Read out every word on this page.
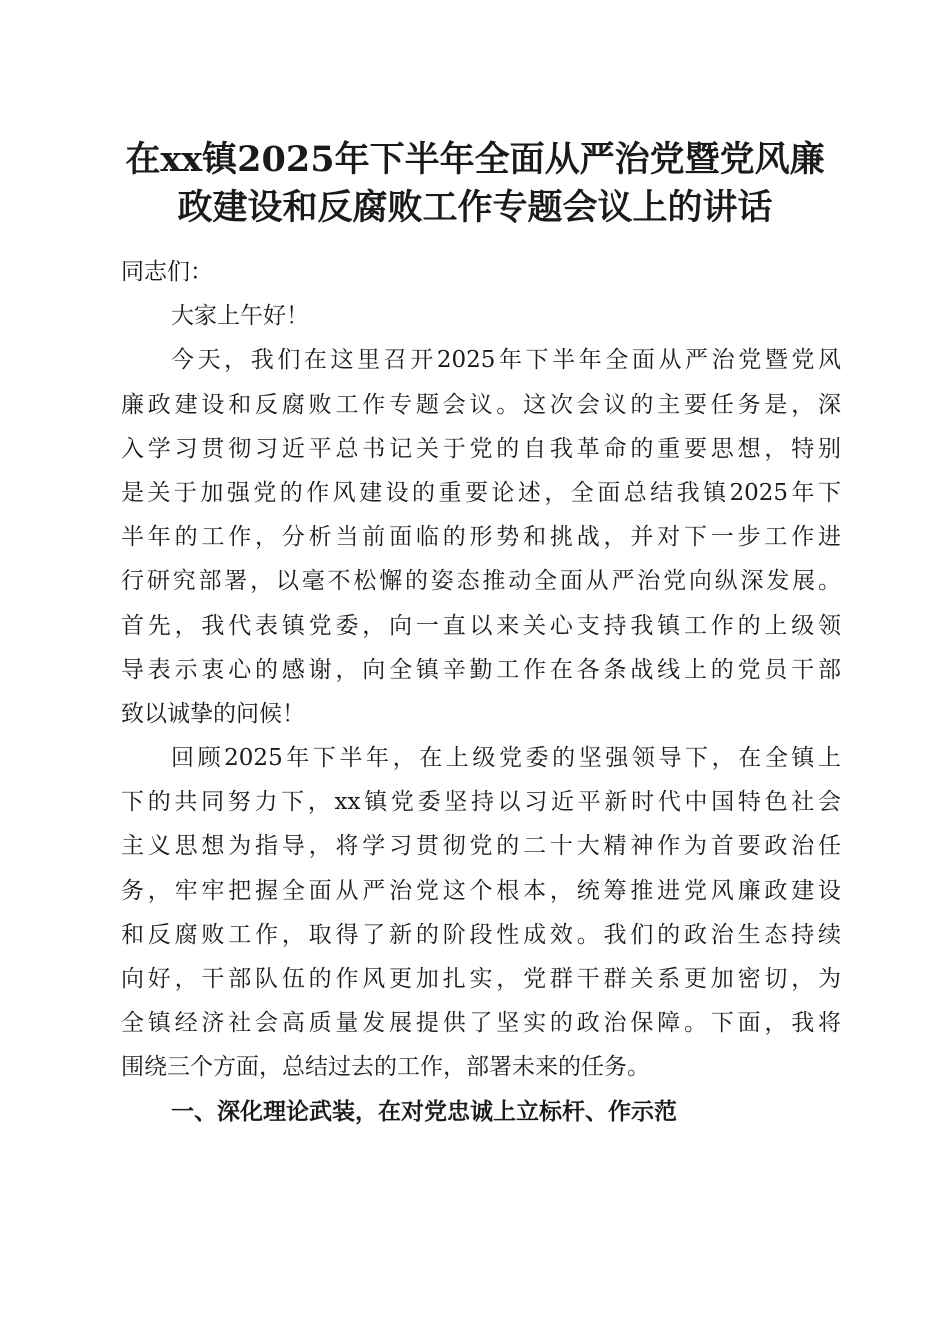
在xx镇2025年下半年全面从严治党暨党风廉
政建设和反腐败工作专题会议上的讲话
同志们：
大家上午好！
今天，我们在这里召开2025年下半年全面从严治党暨党风
廉政建设和反腐败工作专题会议。这次会议的主要任务是，深
入学习贯彻习近平总书记关于党的自我革命的重要思想，特别
是关于加强党的作风建设的重要论述，全面总结我镇2025年下
半年的工作，分析当前面临的形势和挑战，并对下一步工作进
行研究部署，以毫不松懈的姿态推动全面从严治党向纵深发展。
首先，我代表镇党委，向一直以来关心支持我镇工作的上级领
导表示衷心的感谢，向全镇辛勤工作在各条战线上的党员干部
致以诚挚的问候！
回顾2025年下半年，在上级党委的坚强领导下，在全镇上
下的共同努力下，xx镇党委坚持以习近平新时代中国特色社会
主义思想为指导，将学习贯彻党的二十大精神作为首要政治任
务，牢牢把握全面从严治党这个根本，统筹推进党风廉政建设
和反腐败工作，取得了新的阶段性成效。我们的政治生态持续
向好，干部队伍的作风更加扎实，党群干群关系更加密切，为
全镇经济社会高质量发展提供了坚实的政治保障。下面，我将
围绕三个方面，总结过去的工作，部署未来的任务。
一、深化理论武装，在对党忠诚上立标杆、作示范
